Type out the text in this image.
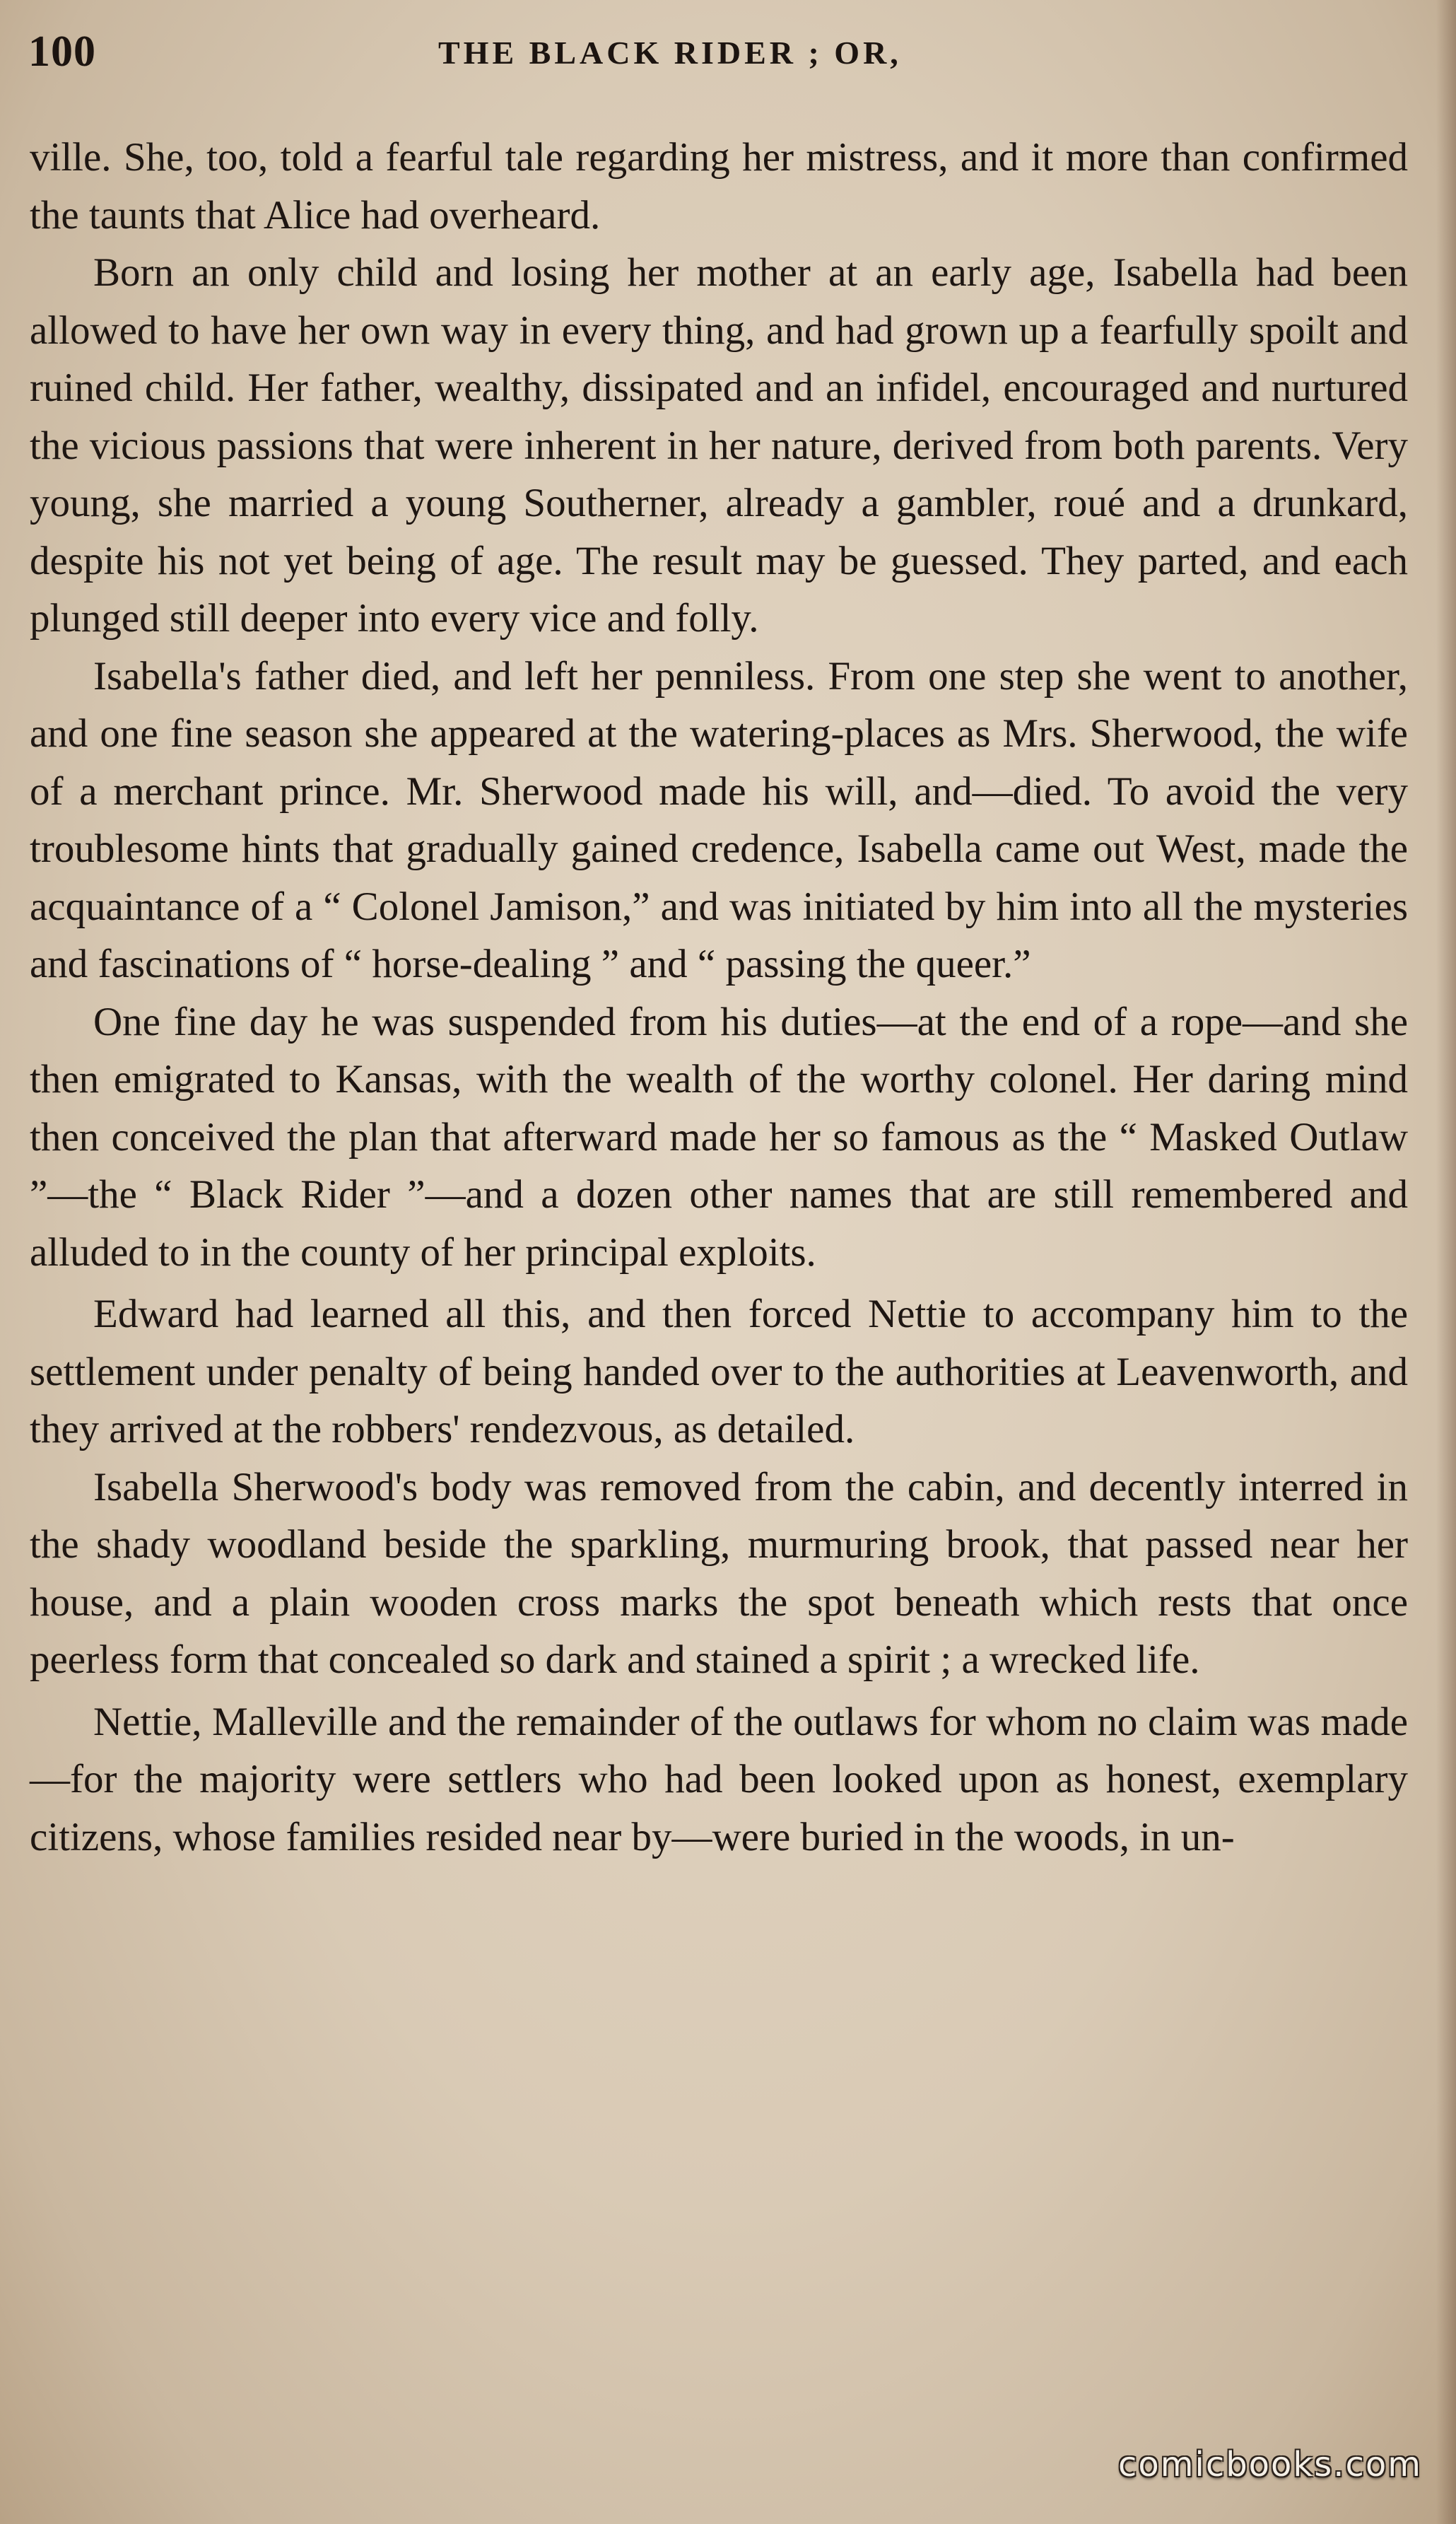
100	THE BLACK RIDER ; OR,

ville. She, too, told a fearful tale regarding her mistress, and it more than confirmed the taunts that Alice had overheard.

Born an only child and losing her mother at an early age, Isabella had been allowed to have her own way in every thing, and had grown up a fearfully spoilt and ruined child. Her father, wealthy, dissipated and an infidel, encouraged and nurtured the vicious passions that were inherent in her nature, derived from both parents. Very young, she married a young Southerner, already a gambler, roué and a drunkard, despite his not yet being of age. The result may be guessed. They parted, and each plunged still deeper into every vice and folly.

Isabella's father died, and left her penniless. From one step she went to another, and one fine season she appeared at the watering-places as Mrs. Sherwood, the wife of a merchant prince. Mr. Sherwood made his will, and—died. To avoid the very troublesome hints that gradually gained credence, Isabella came out West, made the acquaintance of a “ Colonel Jamison,” and was initiated by him into all the mysteries and fascinations of “ horse-dealing ” and “ passing the queer.”

One fine day he was suspended from his duties—at the end of a rope—and she then emigrated to Kansas, with the wealth of the worthy colonel. Her daring mind then conceived the plan that afterward made her so famous as the “ Masked Outlaw ”—the “ Black Rider ”—and a dozen other names that are still remembered and alluded to in the county of her principal exploits.

Edward had learned all this, and then forced Nettie to accompany him to the settlement under penalty of being handed over to the authorities at Leavenworth, and they arrived at the robbers' rendezvous, as detailed.

Isabella Sherwood's body was removed from the cabin, and decently interred in the shady woodland beside the sparkling, murmuring brook, that passed near her house, and a plain wooden cross marks the spot beneath which rests that once peerless form that concealed so dark and stained a spirit ; a wrecked life.

Nettie, Malleville and the remainder of the outlaws for whom no claim was made—for the majority were settlers who had been looked upon as honest, exemplary citizens, whose families resided near by—were buried in the woods, in un-

comicbooks.com
